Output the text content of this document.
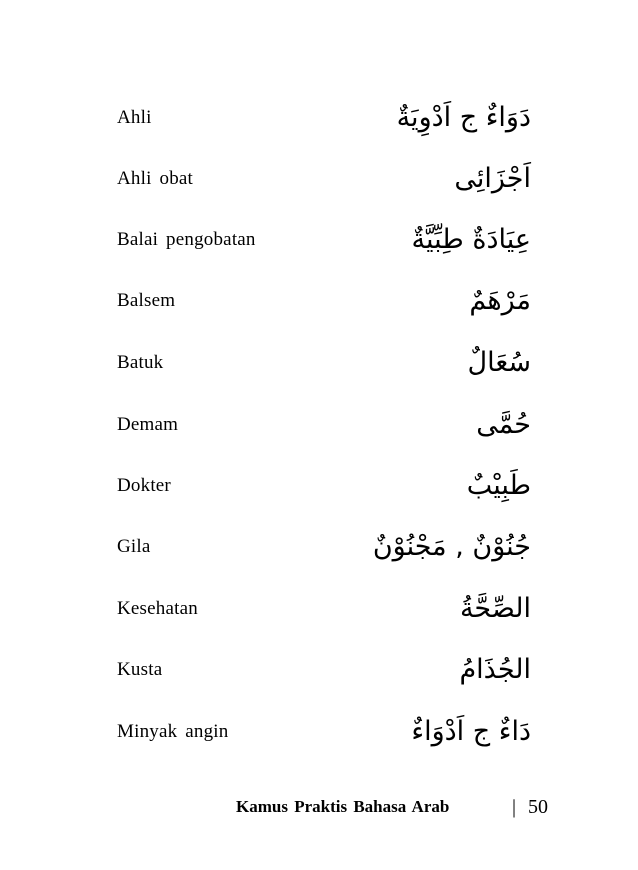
Ahli	دَوَاءٌ ج اَدْوِيَةٌ
Ahli obat	اَجْزَائِى
Balai pengobatan	عِيَادَةٌ طِبِّيَّةٌ
Balsem	مَرْهَمٌ
Batuk	سُعَالٌ
Demam	حُمَّى
Dokter	طَبِيْبٌ
Gila	جُنُوْنٌ , مَجْنُوْنٌ
Kesehatan	الصِّحَّةُ
Kusta	الجُذَامُ
Minyak angin	دَاءٌ ج اَدْوَاءٌ
Kamus Praktis Bahasa Arab	| 50
